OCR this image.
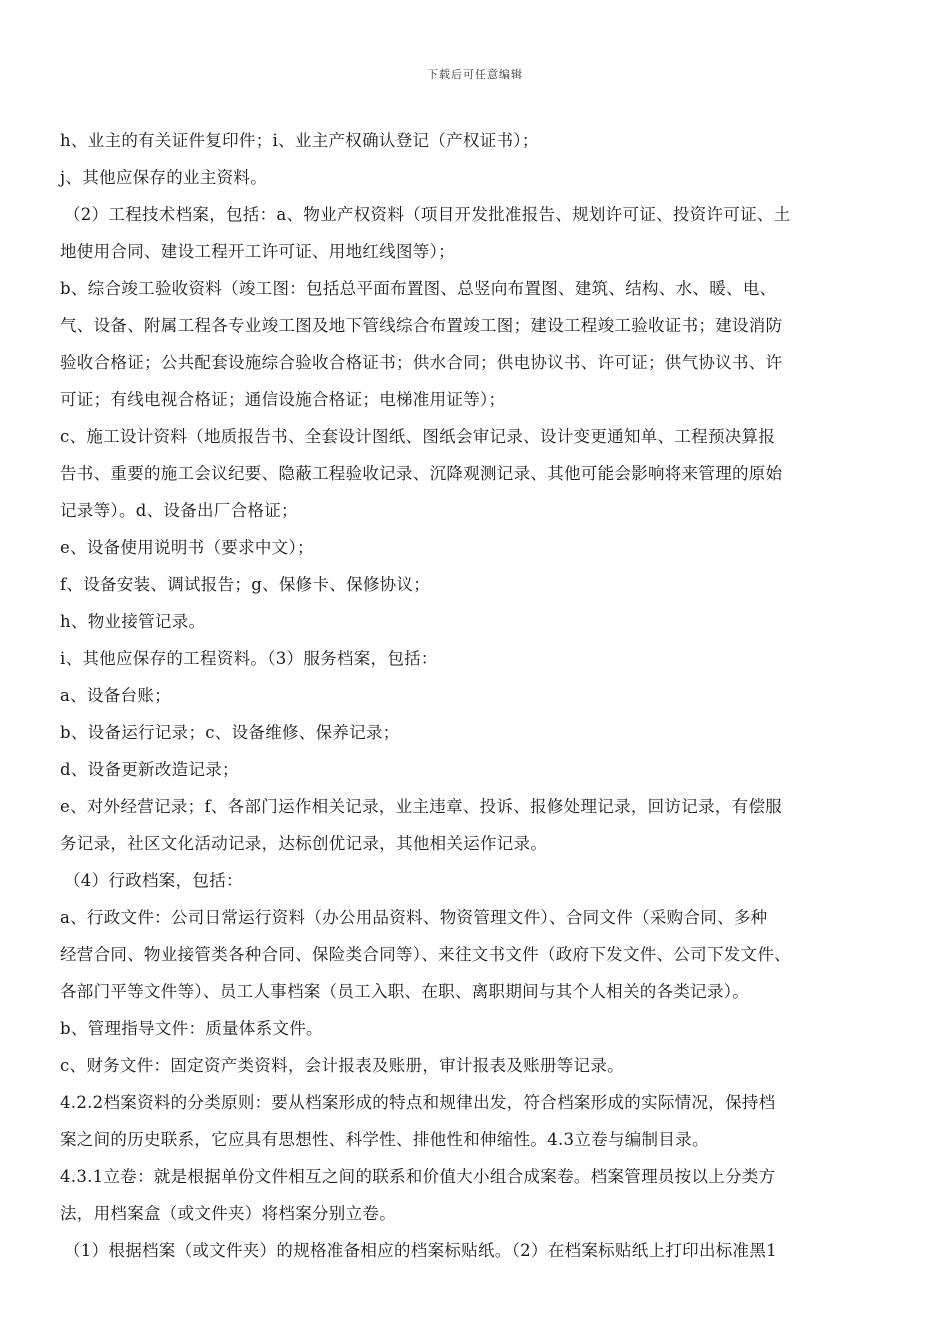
下载后可任意编辑
h、业主的有关证件复印件；i、业主产权确认登记（产权证书）；
j、其他应保存的业主资料。
（2）工程技术档案，包括：a、物业产权资料（项目开发批准报告、规划许可证、投资许可证、土
地使用合同、建设工程开工许可证、用地红线图等）；
b、综合竣工验收资料（竣工图：包括总平面布置图、总竖向布置图、建筑、结构、水、暖、电、
气、设备、附属工程各专业竣工图及地下管线综合布置竣工图；建设工程竣工验收证书；建设消防
验收合格证；公共配套设施综合验收合格证书；供水合同；供电协议书、许可证；供气协议书、许
可证；有线电视合格证；通信设施合格证；电梯准用证等）；
c、施工设计资料（地质报告书、全套设计图纸、图纸会审记录、设计变更通知单、工程预决算报
告书、重要的施工会议纪要、隐蔽工程验收记录、沉降观测记录、其他可能会影响将来管理的原始
记录等）。d、设备出厂合格证；
e、设备使用说明书（要求中文）；
f、设备安装、调试报告；g、保修卡、保修协议；
h、物业接管记录。
i、其他应保存的工程资料。（3）服务档案，包括：
a、设备台账；
b、设备运行记录；c、设备维修、保养记录；
d、设备更新改造记录；
e、对外经营记录；f、各部门运作相关记录，业主违章、投诉、报修处理记录，回访记录，有偿服
务记录，社区文化活动记录，达标创优记录，其他相关运作记录。
（4）行政档案，包括：
a、行政文件：公司日常运行资料（办公用品资料、物资管理文件）、合同文件（采购合同、多种
经营合同、物业接管类各种合同、保险类合同等）、来往文书文件（政府下发文件、公司下发文件、
各部门平等文件等）、员工人事档案（员工入职、在职、离职期间与其个人相关的各类记录）。
b、管理指导文件：质量体系文件。
c、财务文件：固定资产类资料，会计报表及账册，审计报表及账册等记录。
4.2.2档案资料的分类原则：要从档案形成的特点和规律出发，符合档案形成的实际情况，保持档
案之间的历史联系，它应具有思想性、科学性、排他性和伸缩性。4.3立卷与编制目录。
4.3.1立卷：就是根据单份文件相互之间的联系和价值大小组合成案卷。档案管理员按以上分类方
法，用档案盒（或文件夹）将档案分别立卷。
（1）根据档案（或文件夹）的规格准备相应的档案标贴纸。（2）在档案标贴纸上打印出标准黑1
